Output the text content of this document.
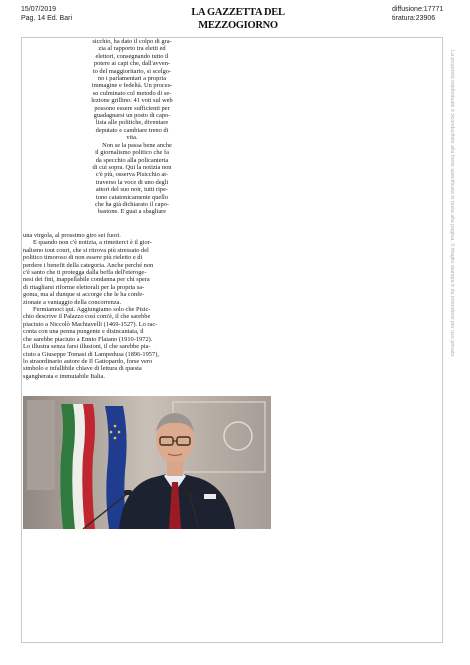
15/07/2019
Pag. 14 Ed. Bari	LA GAZZETTA DEL MEZZOGIORNO
diffusione:17771
tiratura:23906
La proprietà intellettuale è riconducibile alla fonte specificata in testa alla pagina. Il ritaglio stampa è da intendersi per uso privato

sicchio, ha dato il colpo di gra-

zia al rapporto tra eletti ed

elettori, consegnando tutto il

potere ai capi che, dall'avven-

to del maggioritario, si scelgo-

no i parlamentari a propria

immagine e fedeltà. Un proces-

so culminato col metodo di se-

lezione grillino: 41 voti sul web

possono essere sufficienti per

guadagnarsi un posto di capo-

lista alle politiche, diventare

deputato e cambiare treno di

vita.

Non se la passa bene anche

il giornalismo politico che fa

da specchio alla policanteria

di cui sopra. Qui la notizia non

c'è più, osserva Pisicchio at-

traverso la voce di uno degli

attori del suo noir, tutti ripe-

tono catatonicamente quello

che ha già dichiarato il capo-

bastone. E guai a sbagliare

una virgola, al prossimo giro sei fuori.

E quando non c'è notizia, a rimetterci è il gior-

nalismo tout court, che si ritrova più stressato del

politico timoroso di non essere più rieletto e di

perdere i benefit della categoria. Anche perché non

c'è santo che ti protegga dalla beffa dell'eteroge-

nesi dei fini, inappellabile condanna per chi spera

di ritagliarsi riforme elettorali per la propria sa-

goma, ma al dunque si accorge che le ha confe-

zionate a vantaggio della concorrenza.

Fermiamoci qui. Aggiungiamo solo che Pisic-

chio descrive il Palazzo così com'è, il che sarebbe

piaciuto a Niccolò Machiavelli (1469-1527). Lo rac-

conta con una penna pungente e disincantata, il

che sarebbe piaciuto a Ennio Flaiano (1910-1972).

Lo illustra senza farsi illusioni, il che sarebbe pia-

ciuto a Giuseppe Tomasi di Lampedusa (1896-1957),

lo straordinario autore de Il Gattopardo, forse vero

simbolo e infallibile chiave di lettura di questa

sgangherata e immutabile Italia.
